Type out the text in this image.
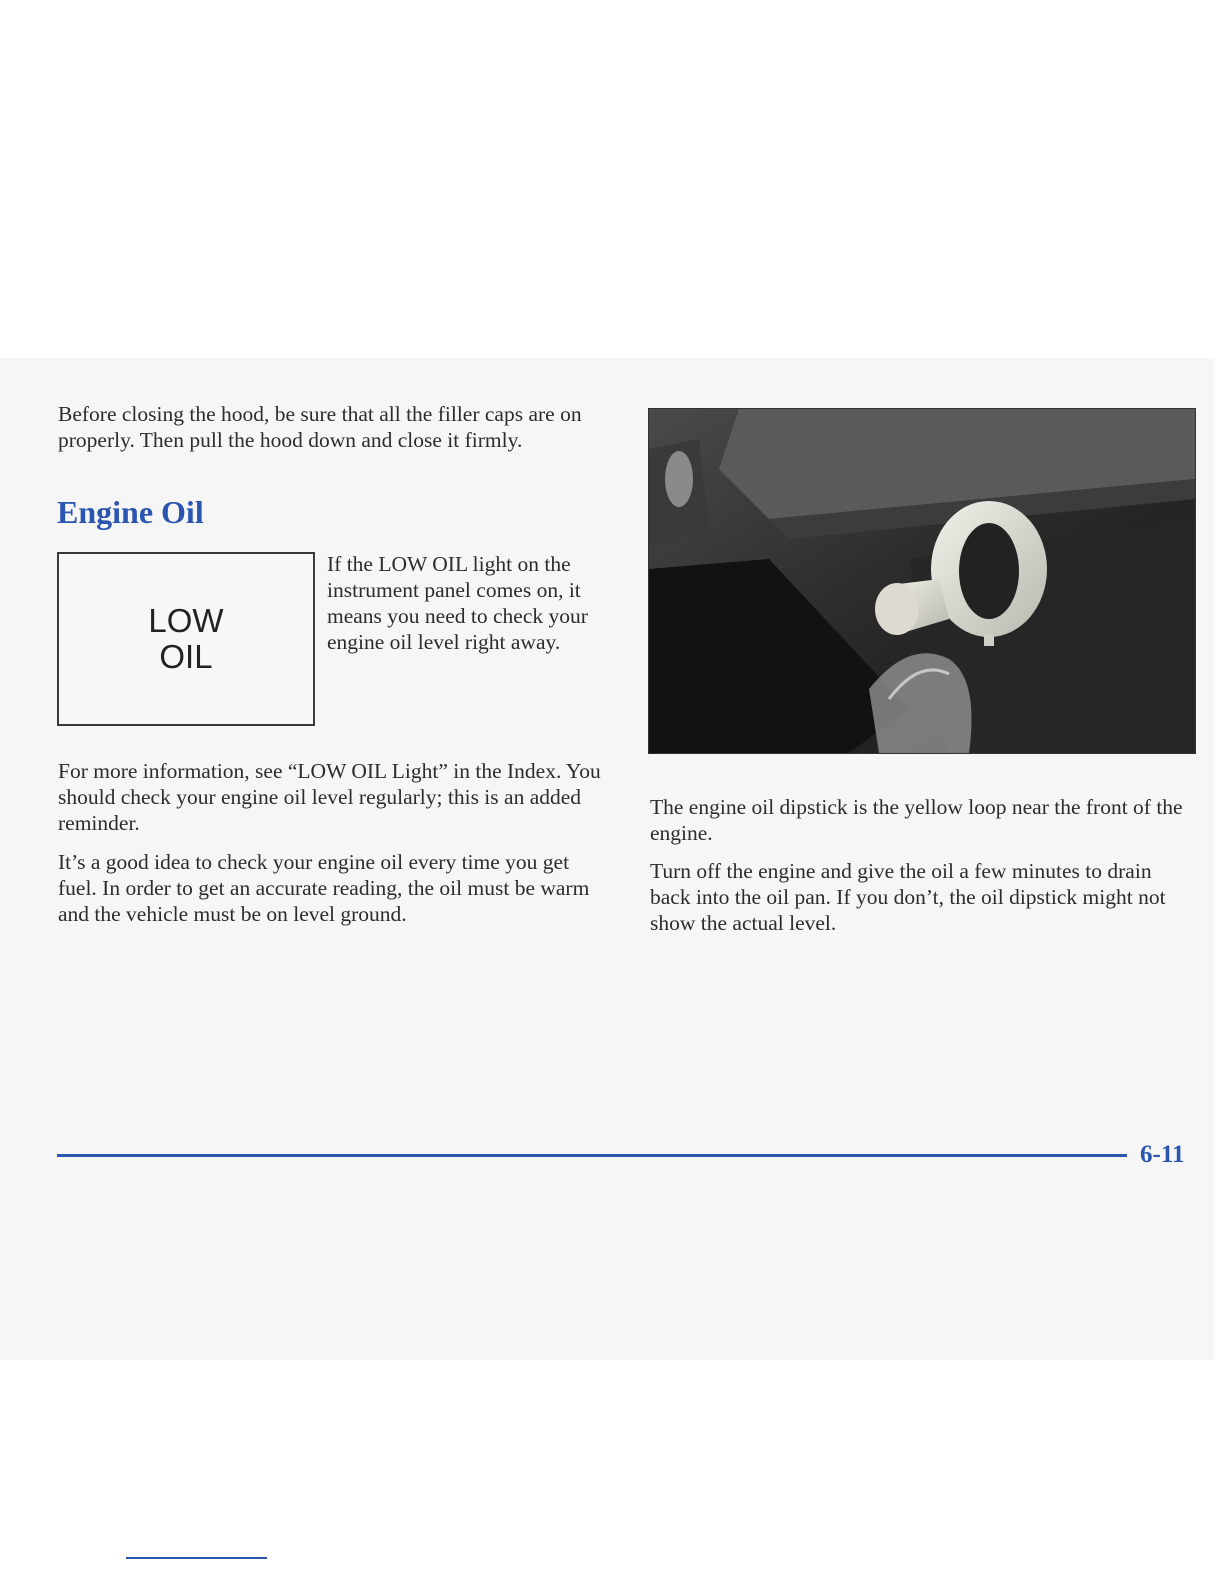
Before closing the hood, be sure that all the filler caps are on properly. Then pull the hood down and close it firmly.

Engine Oil
LOW
OIL

If the LOW OIL light on the instrument panel comes on, it means you need to check your engine oil level right away.

For more information, see “LOW OIL Light” in the Index. You should check your engine oil level regularly; this is an added reminder.

It’s a good idea to check your engine oil every time you get fuel. In order to get an accurate reading, the oil must be warm and the vehicle must be on level ground.

The engine oil dipstick is the yellow loop near the front of the engine.

Turn off the engine and give the oil a few minutes to drain back into the oil pan. If you don’t, the oil dipstick might not show the actual level.

6-11
